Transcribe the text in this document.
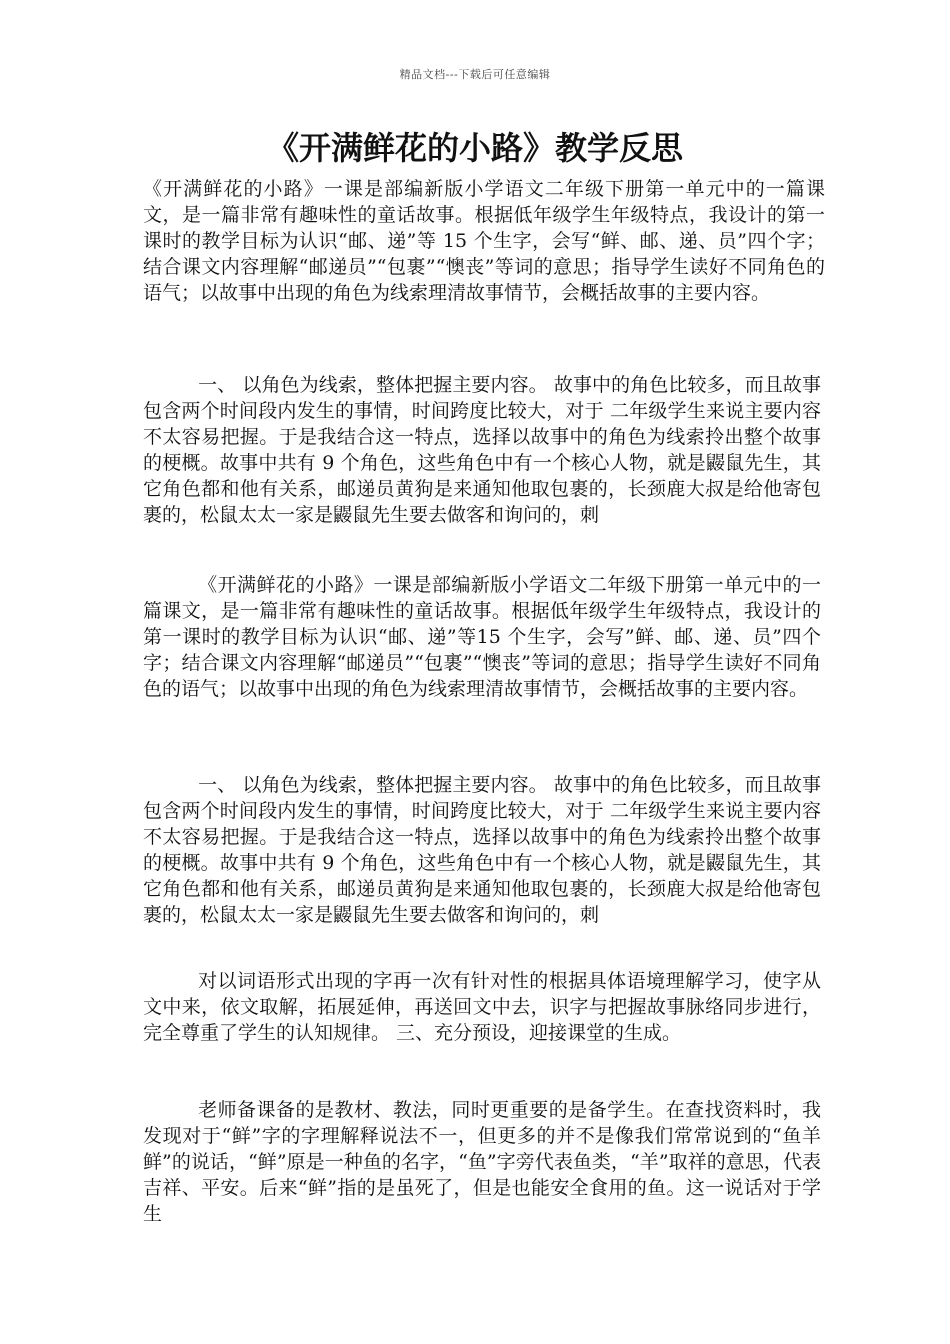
精品文档---下载后可任意编辑
《开满鲜花的小路》教学反思

《开满鲜花的小路》一课是部编新版小学语文二年级下册第一单元中的一篇课文，是一篇非常有趣味性的童话故事。根据低年级学生年级特点，我设计的第一课时的教学目标为认识“邮、递”等 15 个生字，会写“鲜、邮、递、员”四个字；结合课文内容理解“邮递员”“包裹”“懊丧”等词的意思；指导学生读好不同角色的语气；以故事中出现的角色为线索理清故事情节，会概括故事的主要内容。

一、 以角色为线索，整体把握主要内容。 故事中的角色比较多，而且故事包含两个时间段内发生的事情，时间跨度比较大，对于 二年级学生来说主要内容不太容易把握。于是我结合这一特点，选择以故事中的角色为线索拎出整个故事的梗概。故事中共有 9 个角色，这些角色中有一个核心人物，就是鼹鼠先生，其它角色都和他有关系，邮递员黄狗是来通知他取包裹的，长颈鹿大叔是给他寄包裹的，松鼠太太一家是鼹鼠先生要去做客和询问的，刺

《开满鲜花的小路》一课是部编新版小学语文二年级下册第一单元中的一篇课文，是一篇非常有趣味性的童话故事。根据低年级学生年级特点，我设计的第一课时的教学目标为认识“邮、递”等15 个生字，会写”鲜、邮、递、员”四个字；结合课文内容理解“邮递员”“包裹”“懊丧”等词的意思；指导学生读好不同角色的语气；以故事中出现的角色为线索理清故事情节，会概括故事的主要内容。

一、 以角色为线索，整体把握主要内容。 故事中的角色比较多，而且故事包含两个时间段内发生的事情，时间跨度比较大，对于 二年级学生来说主要内容不太容易把握。于是我结合这一特点，选择以故事中的角色为线索拎出整个故事的梗概。故事中共有 9 个角色，这些角色中有一个核心人物，就是鼹鼠先生，其它角色都和他有关系，邮递员黄狗是来通知他取包裹的，长颈鹿大叔是给他寄包裹的，松鼠太太一家是鼹鼠先生要去做客和询问的，刺

对以词语形式出现的字再一次有针对性的根据具体语境理解学习，使字从文中来，依文取解，拓展延伸，再送回文中去，识字与把握故事脉络同步进行，完全尊重了学生的认知规律。 三、充分预设，迎接课堂的生成。

老师备课备的是教材、教法，同时更重要的是备学生。在查找资料时，我发现对于“鲜”字的字理解释说法不一，但更多的并不是像我们常常说到的“鱼羊鲜”的说话，“鲜”原是一种鱼的名字，“鱼”字旁代表鱼类，“羊”取祥的意思，代表吉祥、平安。后来“鲜”指的是虽死了，但是也能安全食用的鱼。这一说话对于学生
